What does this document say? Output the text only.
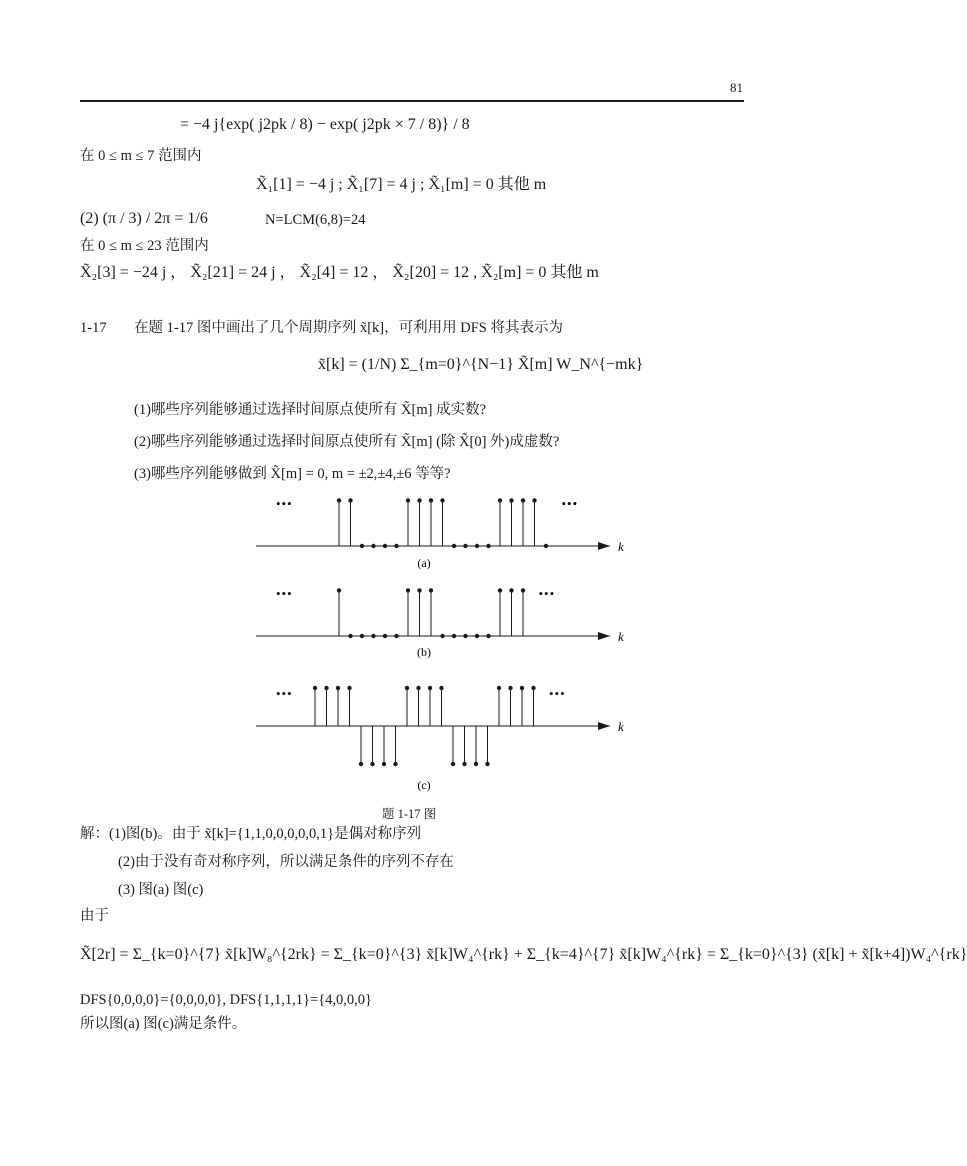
81
= −4 j{exp( j2pk / 8) − exp( j2pk × 7 / 8)} / 8
在 0 ≤ m ≤ 7 范围内
X̃₁[1] = −4 j ; X̃₁[7] = 4 j ; X̃₁[m] = 0 其他 m
(2) (π / 3) / 2π = 1/6	N=LCM(6,8)=24
在 0 ≤ m ≤ 23 范围内
X̃₂[3] = −24 j ， X̃₂[21] = 24 j ， X̃₂[4] = 12 ， X̃₂[20] = 12 , X̃₂[m] = 0 其他 m
1-17 在题 1-17 图中画出了几个周期序列 x̃[k]，可利用用 DFS 将其表示为
x̃[k] = (1/N) Σ_{m=0}^{N−1} X̃[m] W_N^{−mk}
(1)哪些序列能够通过选择时间原点使所有 X̃[m] 成实数?
(2)哪些序列能够通过选择时间原点使所有 X̃[m] (除 X̃[0] 外)成虚数?
(3)哪些序列能够做到 X̃[m] = 0, m = ±2,±4,±6 等等?
k
•••	•••
(a)
k
•••	•••
(b)
k
•••	•••
(c)
题 1-17 图
解：(1)图(b)。由于 x̃[k]={1,1,0,0,0,0,0,1}是偶对称序列
(2)由于没有奇对称序列，所以满足条件的序列不存在
(3) 图(a) 图(c)
由于
X̃[2r] = Σ_{k=0}^{7} x̃[k]W₈^{2rk} = Σ_{k=0}^{3} x̃[k]W₄^{rk} + Σ_{k=4}^{7} x̃[k]W₄^{rk} = Σ_{k=0}^{3} (x̃[k] + x̃[k+4])W₄^{rk}
DFS{0,0,0,0}={0,0,0,0}, DFS{1,1,1,1}={4,0,0,0}
所以图(a) 图(c)满足条件。
